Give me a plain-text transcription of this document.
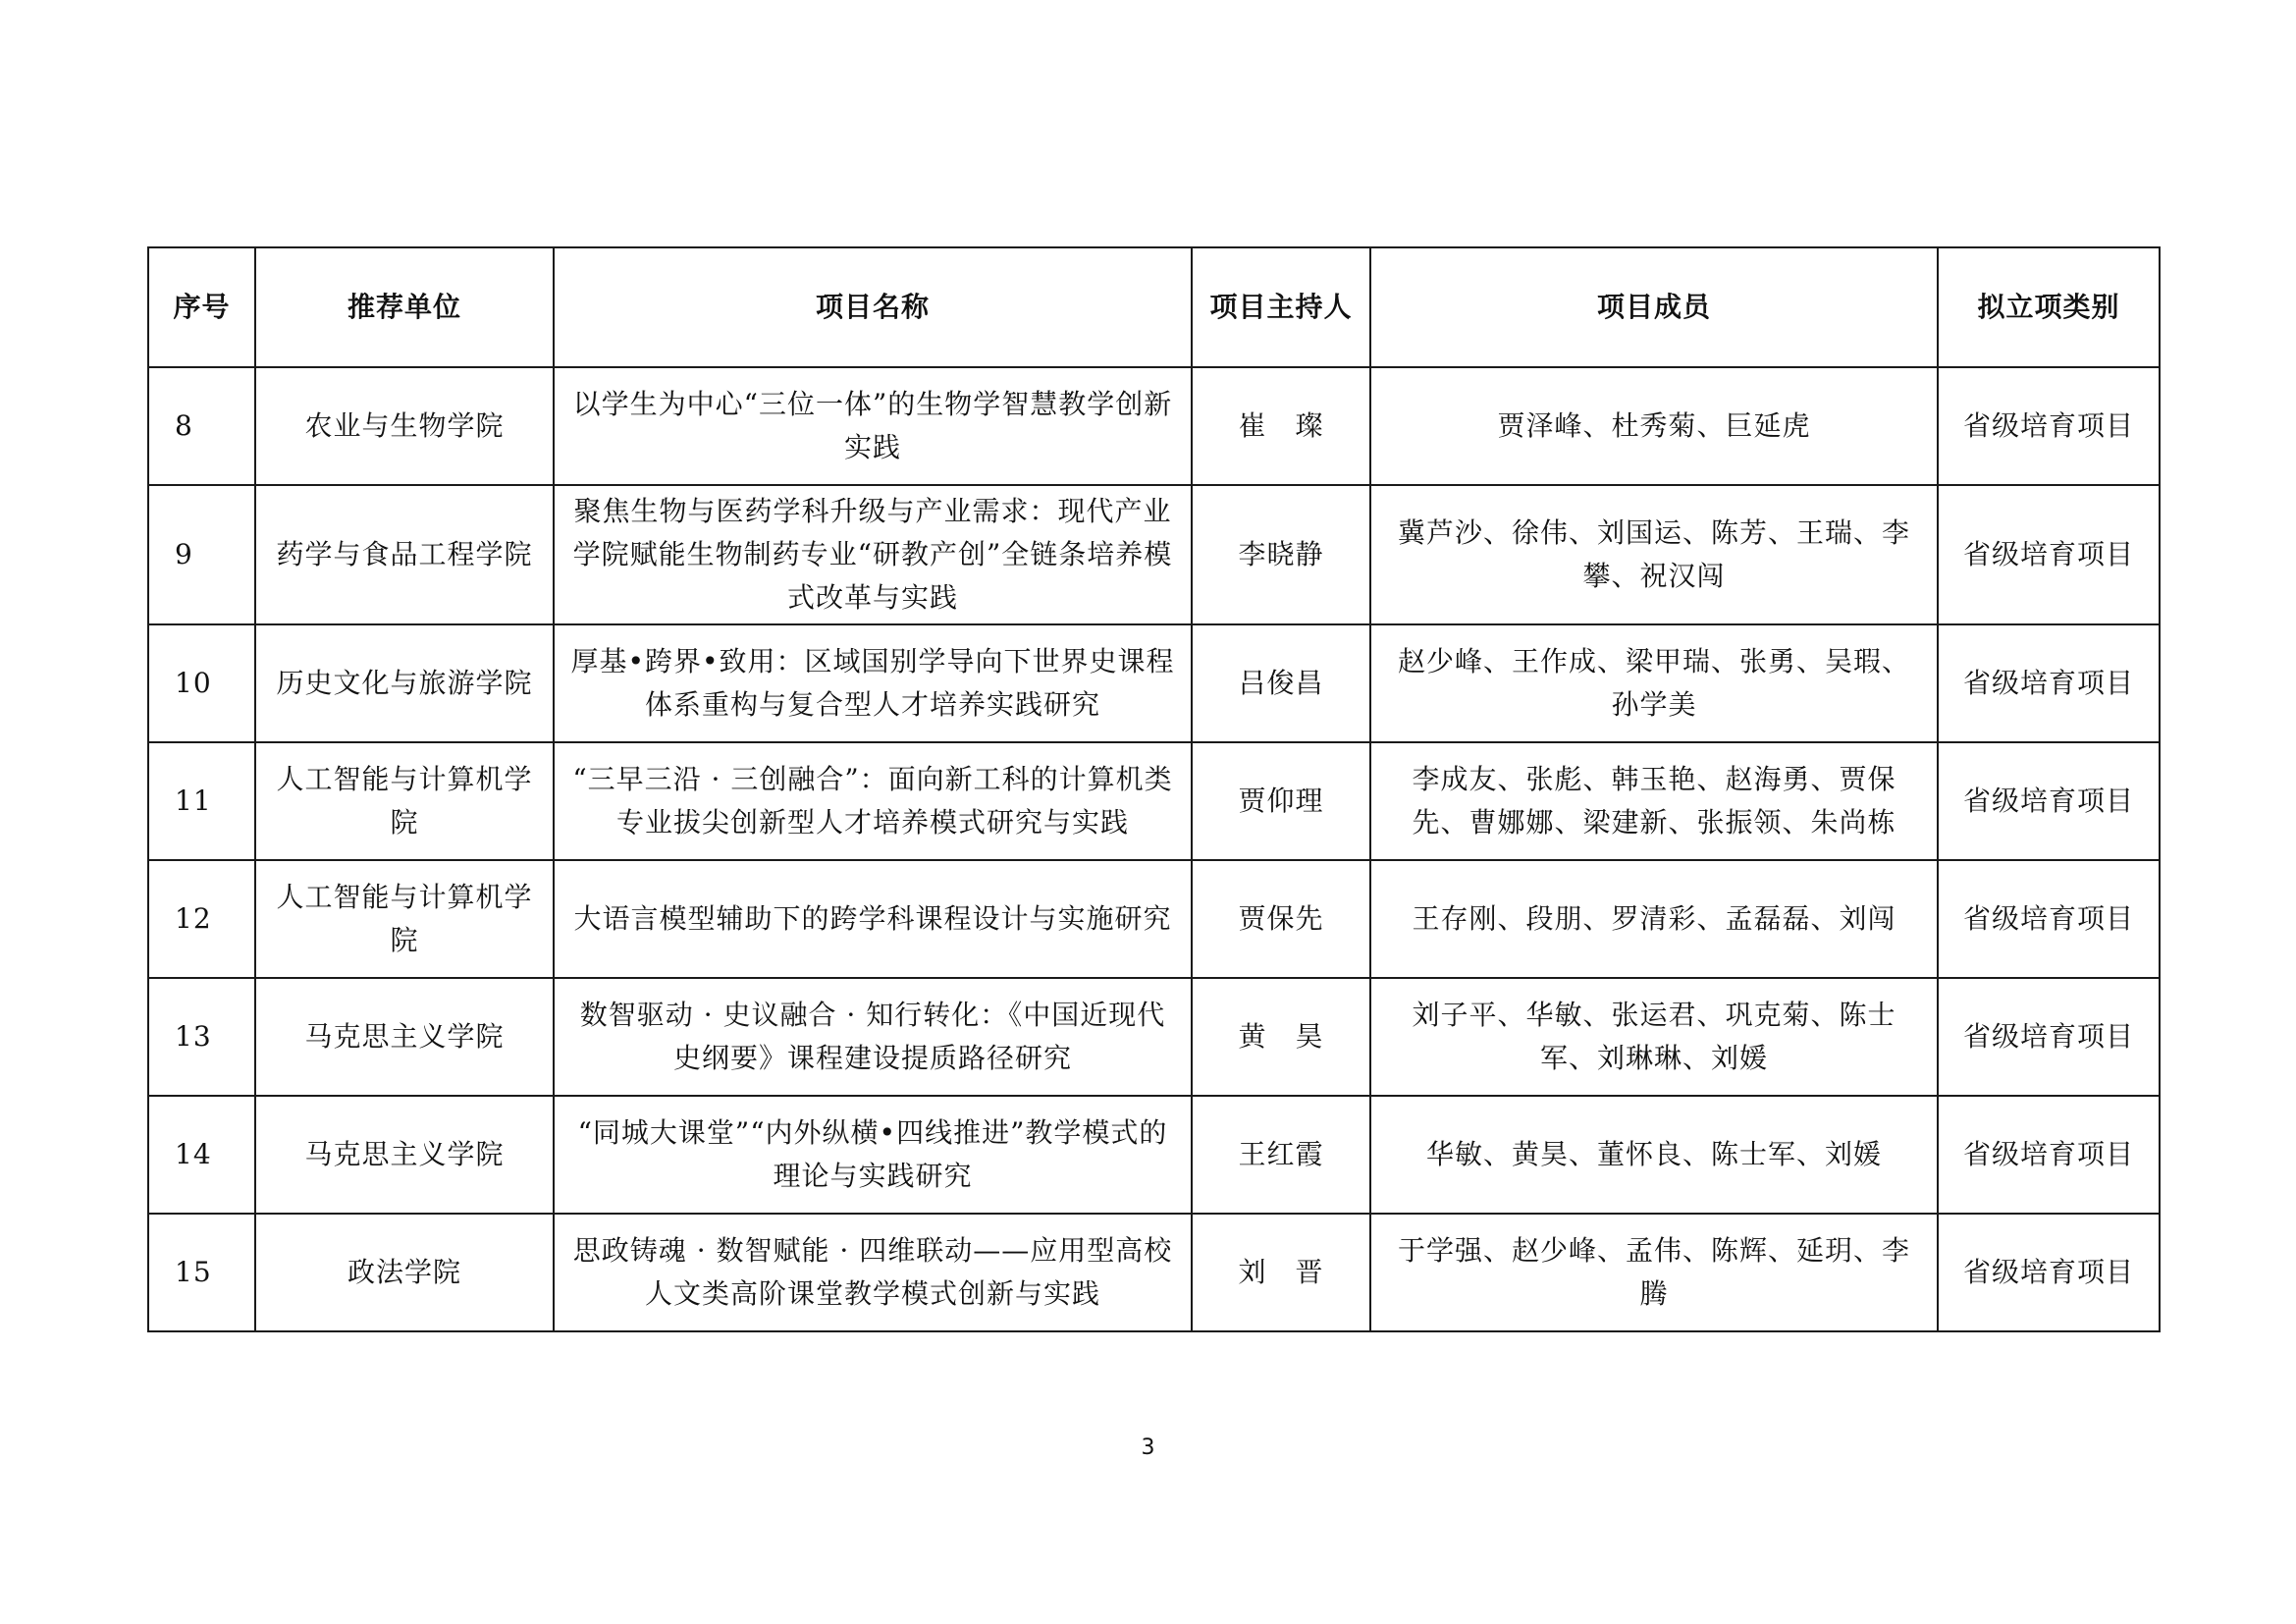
序号	推荐单位	项目名称	项目主持人	项目成员	拟立项类别
8	农业与生物学院	以学生为中心“三位一体”的生物学智慧教学创新实践	崔　璨	贾泽峰、杜秀菊、巨延虎	省级培育项目
9	药学与食品工程学院	聚焦生物与医药学科升级与产业需求：现代产业学院赋能生物制药专业“研教产创”全链条培养模式改革与实践	李晓静	冀芦沙、徐伟、刘国运、陈芳、王瑞、李攀、祝汉闯	省级培育项目
10	历史文化与旅游学院	厚基•跨界•致用：区域国别学导向下世界史课程体系重构与复合型人才培养实践研究	吕俊昌	赵少峰、王作成、梁甲瑞、张勇、吴瑕、孙学美	省级培育项目
11	人工智能与计算机学院	“三早三沿 · 三创融合”：面向新工科的计算机类专业拔尖创新型人才培养模式研究与实践	贾仰理	李成友、张彪、韩玉艳、赵海勇、贾保先、曹娜娜、梁建新、张振领、朱尚栋	省级培育项目
12	人工智能与计算机学院	大语言模型辅助下的跨学科课程设计与实施研究	贾保先	王存刚、段朋、罗清彩、孟磊磊、刘闯	省级培育项目
13	马克思主义学院	数智驱动 · 史议融合 · 知行转化：《中国近现代史纲要》课程建设提质路径研究	黄　昊	刘子平、华敏、张运君、巩克菊、陈士军、刘琳琳、刘媛	省级培育项目
14	马克思主义学院	“同城大课堂”“内外纵横•四线推进”教学模式的理论与实践研究	王红霞	华敏、黄昊、董怀良、陈士军、刘媛	省级培育项目
15	政法学院	思政铸魂 · 数智赋能 · 四维联动——应用型高校人文类高阶课堂教学模式创新与实践	刘　晋	于学强、赵少峰、孟伟、陈辉、延玥、李腾	省级培育项目
3
